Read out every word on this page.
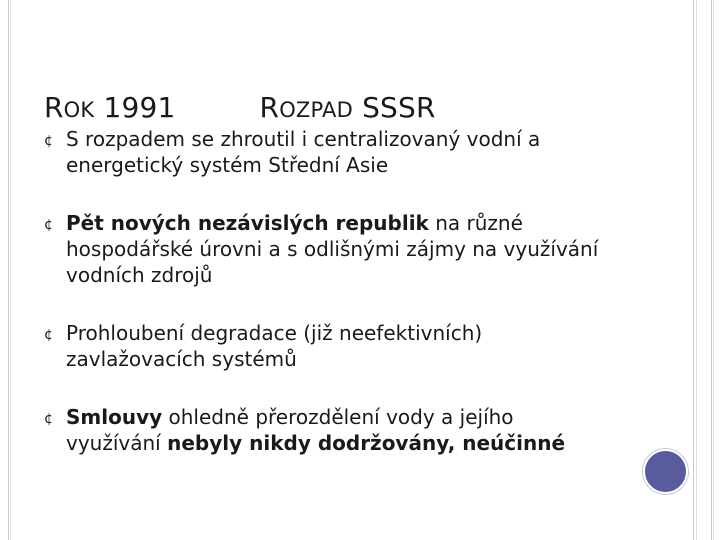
ROK 1991	ROZPAD SSSR
¢ S rozpadem se zhroutil i centralizovaný vodní a energetický systém Střední Asie
¢ Pět nových nezávislých republik na různé hospodářské úrovni a s odlišnými zájmy na využívání vodních zdrojů
¢ Prohloubení degradace (již neefektivních) zavlažovacích systémů
¢ Smlouvy ohledně přerozdělení vody a jejího využívání nebyly nikdy dodržovány, neúčinné
